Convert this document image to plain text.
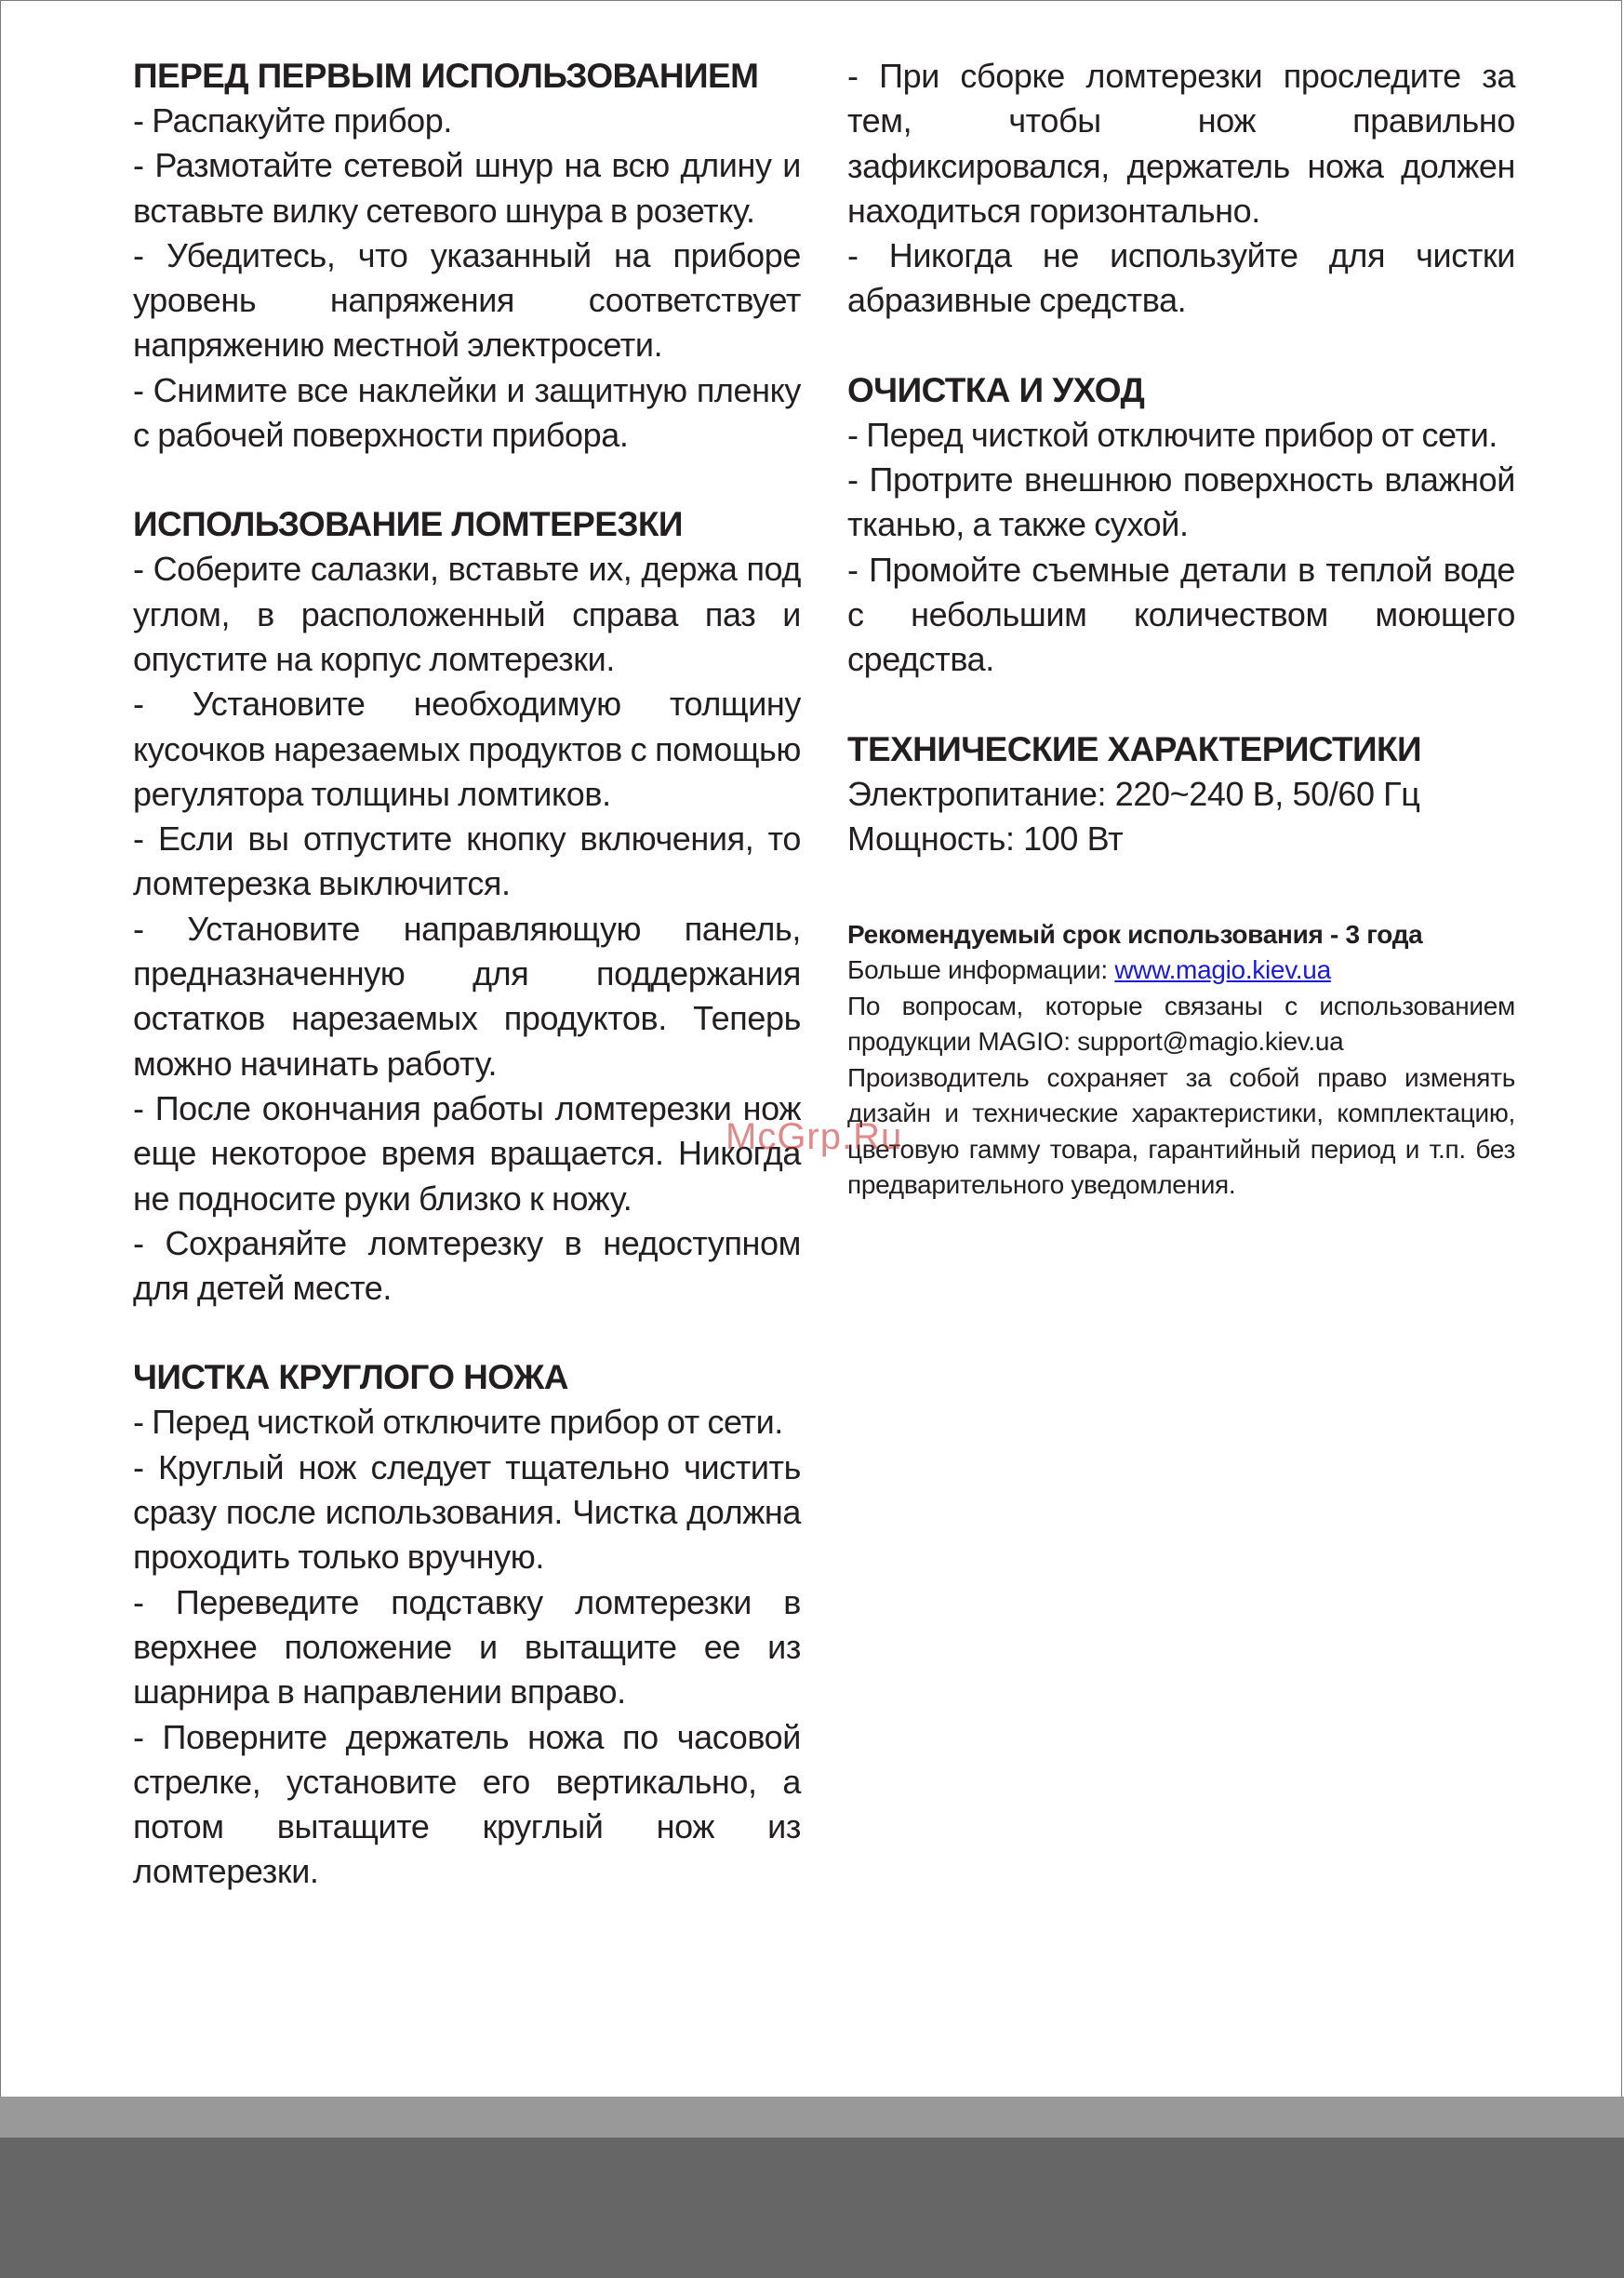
ПЕРЕД ПЕРВЫМ ИСПОЛЬЗОВАНИЕМ

- Распакуйте прибор.

- Размотайте сетевой шнур на всю длину и вставьте вилку сетевого шнура в розетку.

- Убедитесь, что указанный на приборе уровень напряжения соответствует напряжению местной электросети.

- Снимите все наклейки и защитную пленку с рабочей поверхности прибора.

ИСПОЛЬЗОВАНИЕ ЛОМТЕРЕЗКИ

- Соберите салазки, вставьте их, держа под углом, в расположенный справа паз и опустите на корпус ломтерезки.

- Установите необходимую толщину кусочков нарезаемых продуктов с помощью регулятора толщины ломтиков.

- Если вы отпустите кнопку включения, то ломтерезка выключится.

- Установите направляющую панель, предназначенную для поддержания остатков нарезаемых продуктов. Теперь можно начинать работу.

- После окончания работы ломтерезки нож еще некоторое время вращается. Никогда не подносите руки близко к ножу.

- Сохраняйте ломтерезку в недоступном для детей месте.

ЧИСТКА КРУГЛОГО НОЖА

- Перед чисткой отключите прибор от сети.

- Круглый нож следует тщательно чистить сразу после использования. Чистка должна проходить только вручную.

- Переведите подставку ломтерезки в верхнее положение и вытащите ее из шарнира в направлении вправо.

- Поверните держатель ножа по часовой стрелке, установите его вертикально, а потом вытащите круглый нож из ломтерезки.

- При сборке ломтерезки проследите за тем, чтобы нож правильно зафиксировался, держатель ножа должен находиться горизонтально.

- Никогда не используйте для чистки абразивные средства.

ОЧИСТКА И УХОД

- Перед чисткой отключите прибор от сети.

- Протрите внешнюю поверхность влажной тканью, а также сухой.

- Промойте съемные детали в теплой воде с небольшим количеством моющего средства.

ТЕХНИЧЕСКИЕ ХАРАКТЕРИСТИКИ

Электропитание: 220~240 В, 50/60 Гц

Мощность: 100 Вт

Рекомендуемый срок использования - 3 года

Больше информации: www.magio.kiev.ua

По вопросам, которые связаны с использованием продукции MAGIO: support@magio.kiev.ua

Производитель сохраняет за собой право изменять дизайн и технические характеристики, комплектацию, цветовую гамму товара, гарантийный период и т.п. без предварительного уведомления.

McGrp.Ru
